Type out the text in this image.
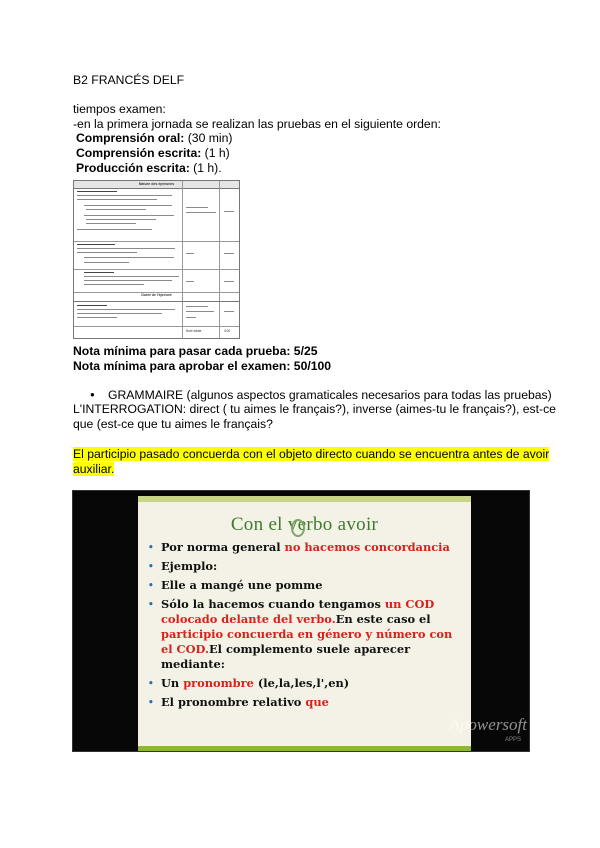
B2 FRANCÉS DELF
tiempos examen:
-en la primera jornada se realizan las pruebas en el siguiente orden:
Comprensión oral: (30 min)
Comprensión escrita: (1 h)
Producción escrita: (1 h).
Nature des épreuves
Durée de l'épreuve
Note totale	/100
Nota mínima para pasar cada prueba: 5/25
Nota mínima para aprobar el examen: 50/100
● GRAMMAIRE (algunos aspectos gramaticales necesarios para todas las pruebas)
L'INTERROGATION: direct ( tu aimes le français?), inverse (aimes-tu le français?), est-ce
que (est-ce que tu aimes le français?
El participio pasado concuerda con el objeto directo cuando se encuentra antes de avoir
auxiliar.
Con el verbo avoir
• Por norma general no hacemos concordancia
• Ejemplo:
• Elle a mangé une pomme
• Sólo la hacemos cuando tengamos un COD
colocado delante del verbo.En este caso el
participio concuerda en género y número con
el COD.El complemento suele aparecer
mediante:
• Un pronombre (le,la,les,l',en)
• El pronombre relativo que
Apowersoft
APPS
